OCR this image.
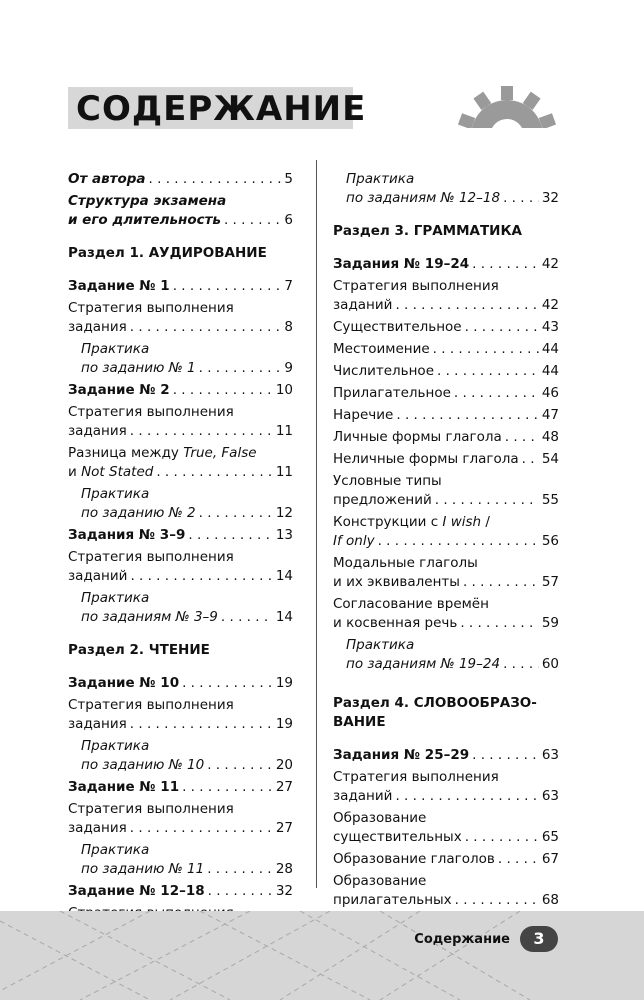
СОДЕРЖАНИЕ
От автора . . .	5
Структура экзамена
и его длительность . . .	6
Раздел 1. АУДИРОВАНИЕ
Задание № 1 . . .	7
Стратегия выполнения
задания . . .	8
Практика
по заданию № 1 . . .	9
Задание № 2 . . .	10
Стратегия выполнения
задания . . .	11
Разница между True, False
и Not Stated . . .	11
Практика
по заданию № 2 . . .	12
Задания № 3–9 . . .	13
Стратегия выполнения
заданий . . .	14
Практика
по заданиям № 3–9 . . .	14
Раздел 2. ЧТЕНИЕ
Задание № 10 . . .	19
Стратегия выполнения
задания . . .	19
Практика
по заданию № 10 . . .	20
Задание № 11 . . .	27
Стратегия выполнения
задания . . .	27
Практика
по заданию № 11 . . .	28
Задание № 12–18 . . .	32
. . .
Практика
по заданиям № 12–18 . . .	32
Раздел 3. ГРАММАТИКА
Задания № 19–24 . . .	42
Стратегия выполнения
заданий . . .	42
Существительное . . .	43
Местоимение . . .	44
Числительное . . .	44
Прилагательное . . .	46
Наречие . . .	47
Личные формы глагола . . .	48
Неличные формы глагола . . . 54
Условные типы
предложений . . .	55
Конструкции с I wish /
If only . . .	56
Модальные глаголы
и их эквиваленты . . .	57
Согласование времён
и косвенная речь . . .	59
Практика
по заданиям № 19–24 . . .	60
Раздел 4. СЛОВООБРАЗО-
ВАНИЕ
Задания № 25–29 . . .	63
Стратегия выполнения
заданий . . .	63
Образование
существительных . . .	65
Образование глаголов . . .	67
Образование
прилагательных . . .	68
Содержание	3
